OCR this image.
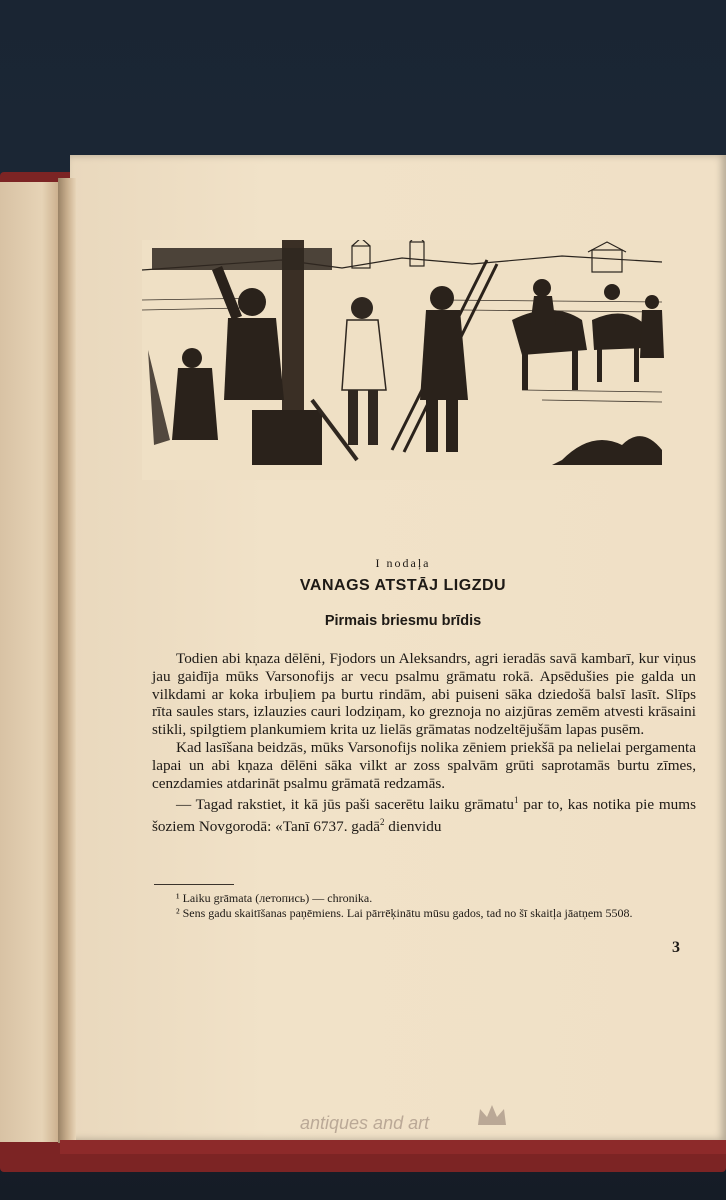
I nodaļa
VANAGS ATSTĀJ LIGZDU
Pirmais briesmu brīdis

Todien abi kņaza dēlēni, Fjodors un Aleksandrs, agri ieradās savā kambarī, kur viņus jau gaidīja mūks Varsonofijs ar vecu psalmu grāmatu rokā. Apsēdušies pie galda un vilkdami ar koka irbuļiem pa burtu rindām, abi puiseni sāka dziedošā balsī lasīt. Slīps rīta saules stars, izlauzies cauri lodziņam, ko greznoja no aizjūras zemēm atvesti krāsaini stikli, spilgtiem plankumiem krita uz lielās grāmatas nodzeltējušām lapas pusēm.

Kad lasīšana beidzās, mūks Varsonofijs nolika zēniem priekšā pa nelielai pergamenta lapai un abi kņaza dēlēni sāka vilkt ar zoss spalvām grūti saprotamās burtu zīmes, cenzdamies atdarināt psalmu grāmatā redzamās.

— Tagad rakstiet, it kā jūs paši sacerētu laiku grāmatu$^1$ par to, kas notika pie mums šoziem Novgorodā: «Tanī 6737. gadā$^2$ dienvidu

¹ Laiku grāmata (летопись) — chronika.

² Sens gadu skaitīšanas paņēmiens. Lai pārrēķinātu mūsu gados, tad no šī skaitļa jāatņem 5508.

3
antiques and art
